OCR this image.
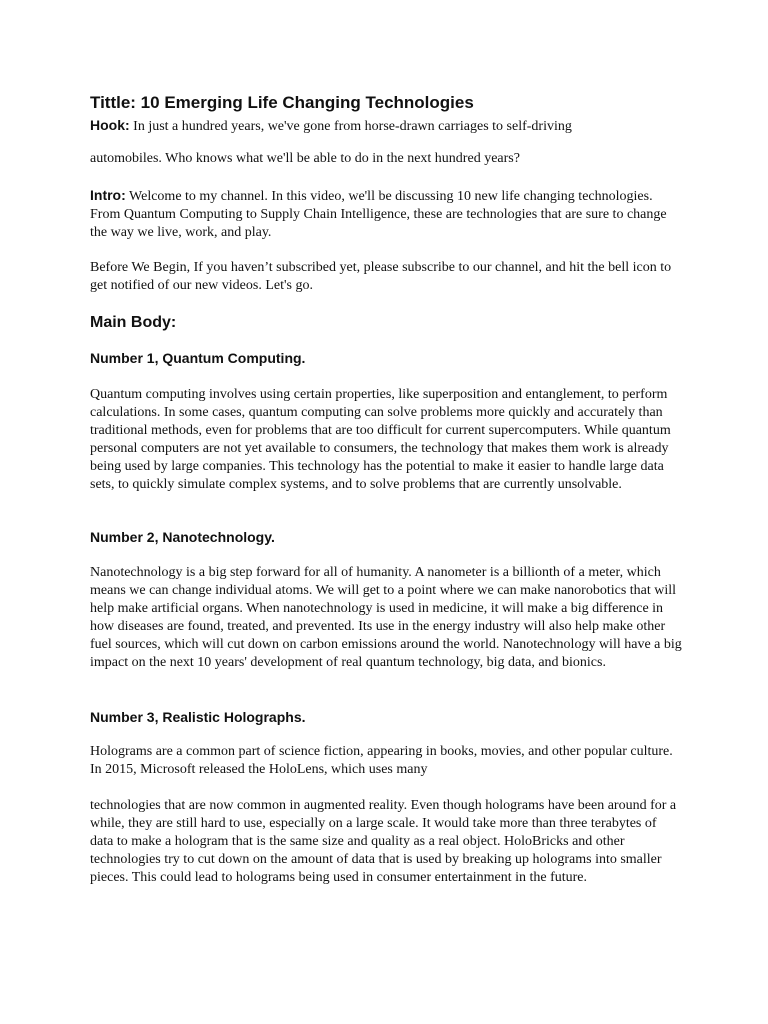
Tittle: 10 Emerging Life Changing Technologies
Hook: In just a hundred years, we've gone from horse-drawn carriages to self-driving
automobiles. Who knows what we'll be able to do in the next hundred years?

Intro: Welcome to my channel. In this video, we'll be discussing 10 new life changing technologies. From Quantum Computing to Supply Chain Intelligence, these are technologies that are sure to change the way we live, work, and play.

Before We Begin, If you haven’t subscribed yet, please subscribe to our channel, and hit the bell icon to get notified of our new videos. Let's go.

Main Body:
Number 1, Quantum Computing.

Quantum computing involves using certain properties, like superposition and entanglement, to perform calculations. In some cases, quantum computing can solve problems more quickly and accurately than traditional methods, even for problems that are too difficult for current supercomputers. While quantum personal computers are not yet available to consumers, the technology that makes them work is already being used by large companies. This technology has the potential to make it easier to handle large data sets, to quickly simulate complex systems, and to solve problems that are currently unsolvable.

Number 2, Nanotechnology.

Nanotechnology is a big step forward for all of humanity. A nanometer is a billionth of a meter, which means we can change individual atoms. We will get to a point where we can make nanorobotics that will help make artificial organs. When nanotechnology is used in medicine, it will make a big difference in how diseases are found, treated, and prevented. Its use in the energy industry will also help make other fuel sources, which will cut down on carbon emissions around the world. Nanotechnology will have a big impact on the next 10 years' development of real quantum technology, big data, and bionics.

Number 3, Realistic Holographs.

Holograms are a common part of science fiction, appearing in books, movies, and other popular culture. In 2015, Microsoft released the HoloLens, which uses many

technologies that are now common in augmented reality. Even though holograms have been around for a while, they are still hard to use, especially on a large scale. It would take more than three terabytes of data to make a hologram that is the same size and quality as a real object. HoloBricks and other technologies try to cut down on the amount of data that is used by breaking up holograms into smaller pieces. This could lead to holograms being used in consumer entertainment in the future.
